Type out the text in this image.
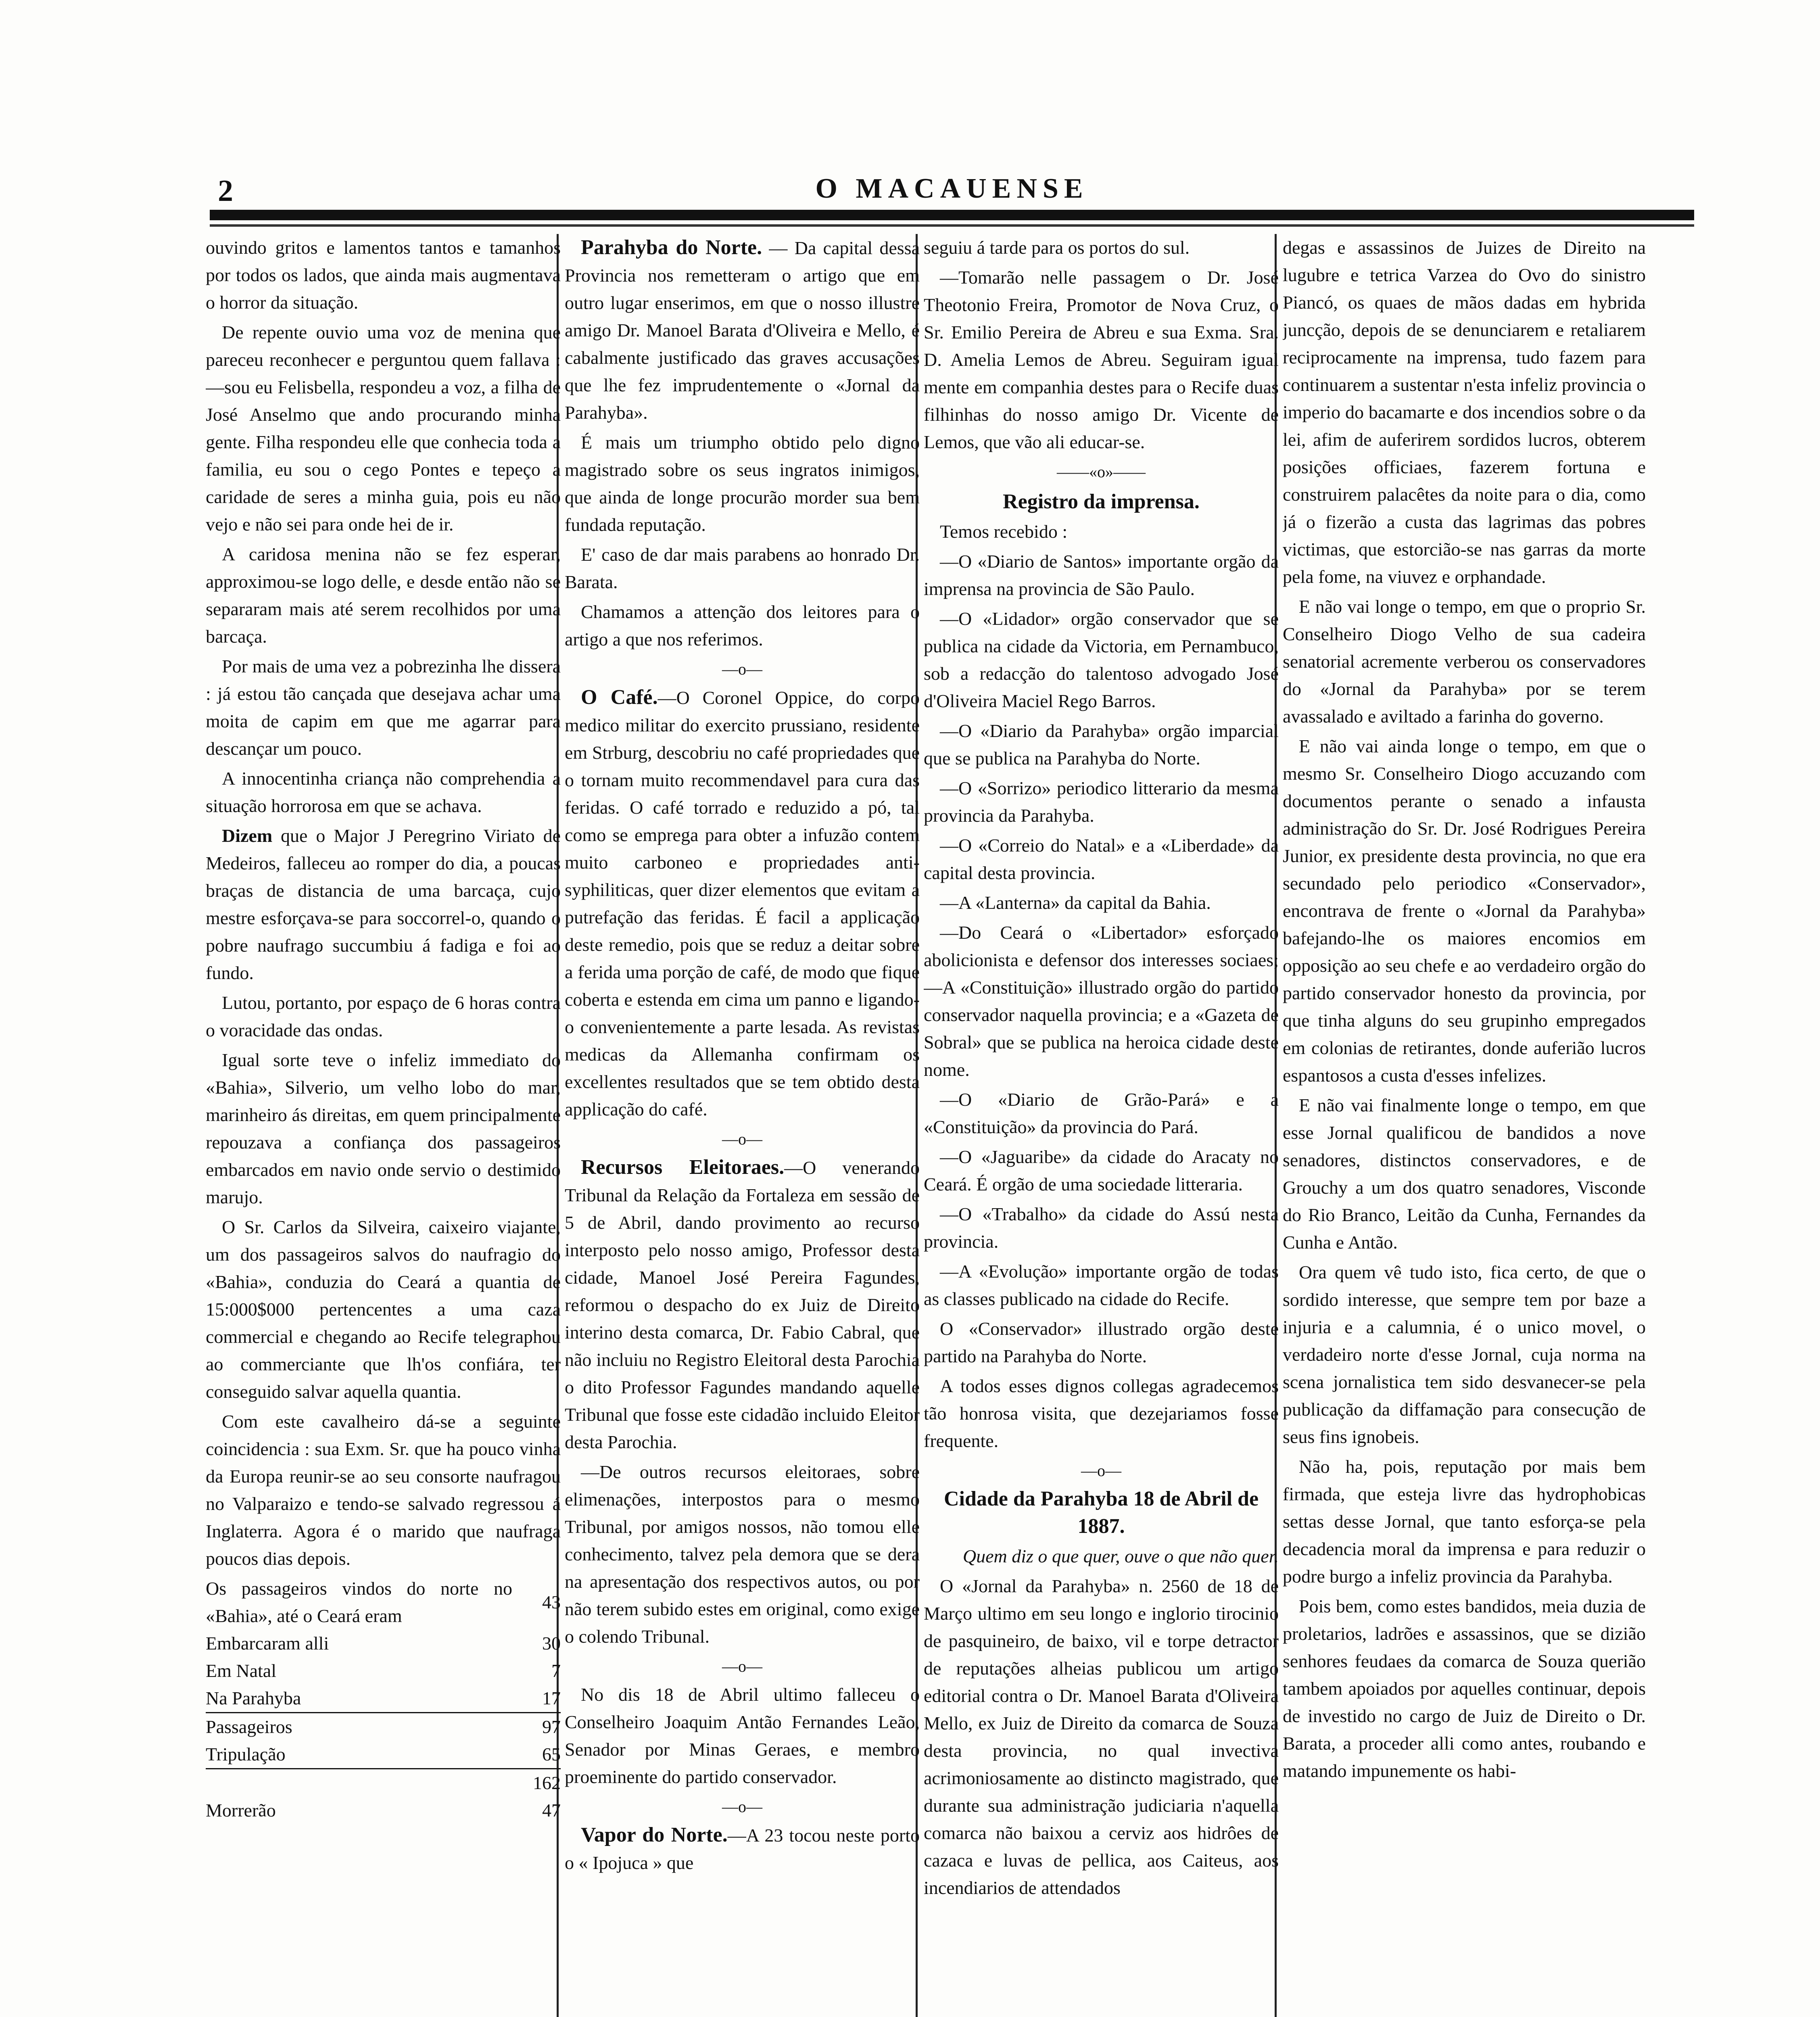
2	O MACAUENSE

ouvindo gritos e lamentos tantos e tamanhos por todos os lados, que ainda mais augmentava o horror da situação.

De repente ouvio uma voz de menina que pareceu reconhecer e perguntou quem fallava :—sou eu Felisbella, respondeu a voz, a filha de José Anselmo que ando procurando minha gente. Filha respondeu elle que conhecia toda a familia, eu sou o cego Pontes e tepeço a caridade de seres a minha guia, pois eu não vejo e não sei para onde hei de ir.

A caridosa menina não se fez esperar, approximou-se logo delle, e desde então não se separaram mais até serem recolhidos por uma barcaça.

Por mais de uma vez a pobrezinha lhe dissera : já estou tão cançada que desejava achar uma moita de capim em que me agarrar para descançar um pouco.

A innocentinha criança não comprehendia a situação horrorosa em que se achava.

Dizem que o Major J Peregrino Viriato de Medeiros, falleceu ao romper do dia, a poucas braças de distancia de uma barcaça, cujo mestre esforçava-se para soccorrel-o, quando o pobre naufrago succumbiu á fadiga e foi ao fundo.

Lutou, portanto, por espaço de 6 horas contra o voracidade das ondas.

Igual sorte teve o infeliz immediato do «Bahia», Silverio, um velho lobo do mar, marinheiro ás direitas, em quem principalmente repouzava a confiança dos passageiros embarcados em navio onde servio o destimido marujo.

O Sr. Carlos da Silveira, caixeiro viajante, um dos passageiros salvos do naufragio do «Bahia», conduzia do Ceará a quantia de 15:000$000 pertencentes a uma caza commercial e chegando ao Recife telegraphou ao commerciante que lh'os confiára, ter conseguido salvar aquella quantia.

Com este cavalheiro dá-se a seguinte coincidencia : sua Exm. Sr. que ha pouco vinha da Europa reunir-se ao seu consorte naufragou no Valparaizo e tendo-se salvado regressou á Inglaterra. Agora é o marido que naufraga poucos dias depois.

Os passageiros vindos do norte no «Bahia», até o Ceará eram	43
Embarcaram alli	30
Em Natal	7
Na Parahyba	17
Passageiros	97
Tripulação	65
	162
Morrerão	47

Parahyba do Norte. — Da capital dessa Provincia nos remetteram o artigo que em outro lugar enserimos, em que o nosso illustre amigo Dr. Manoel Barata d'Oliveira e Mello, é cabalmente justificado das graves accusações que lhe fez imprudentemente o «Jornal da Parahyba».

É mais um triumpho obtido pelo digno magistrado sobre os seus ingratos inimigos, que ainda de longe procurão morder sua bem fundada reputação.

E' caso de dar mais parabens ao honrado Dr. Barata.

Chamamos a attenção dos leitores para o artigo a que nos referimos.

—o—

O Café.—O Coronel Oppice, do corpo medico militar do exercito prussiano, residente em Strburg, descobriu no café propriedades que o tornam muito recommendavel para cura das feridas. O café torrado e reduzido a pó, tal como se emprega para obter a infuzão contem muito carboneo e propriedades anti-syphiliticas, quer dizer elementos que evitam a putrefação das feridas. É facil a applicação deste remedio, pois que se reduz a deitar sobre a ferida uma porção de café, de modo que fique coberta e estenda em cima um panno e ligando-o convenientemente a parte lesada. As revistas medicas da Allemanha confirmam os excellentes resultados que se tem obtido desta applicação do café.

—o—

Recursos Eleitoraes.—O venerando Tribunal da Relação da Fortaleza em sessão de 5 de Abril, dando provimento ao recurso interposto pelo nosso amigo, Professor desta cidade, Manoel José Pereira Fagundes, reformou o despacho do ex Juiz de Direito interino desta comarca, Dr. Fabio Cabral, que não incluiu no Registro Eleitoral desta Parochia o dito Professor Fagundes mandando aquelle Tribunal que fosse este cidadão incluido Eleitor desta Parochia.

—De outros recursos eleitoraes, sobre elimenações, interpostos para o mesmo Tribunal, por amigos nossos, não tomou elle conhecimento, talvez pela demora que se dera na apresentação dos respectivos autos, ou por não terem subido estes em original, como exige o colendo Tribunal.

—o—

No dis 18 de Abril ultimo falleceu o Conselheiro Joaquim Antão Fernandes Leão, Senador por Minas Geraes, e membro proeminente do partido conservador.

—o—

Vapor do Norte.—A 23 tocou neste porto o « Ipojuca » que

seguiu á tarde para os portos do sul.

—Tomarão nelle passagem o Dr. José Theotonio Freira, Promotor de Nova Cruz, o Sr. Emilio Pereira de Abreu e sua Exma. Sra. D. Amelia Lemos de Abreu. Seguiram igual mente em companhia destes para o Recife duas filhinhas do nosso amigo Dr. Vicente de Lemos, que vão ali educar-se.

——«o»——

Registro da imprensa.

Temos recebido :

—O «Diario de Santos» importante orgão da imprensa na provincia de São Paulo.

—O «Lidador» orgão conservador que se publica na cidade da Victoria, em Pernambuco, sob a redacção do talentoso advogado José d'Oliveira Maciel Rego Barros.

—O «Diario da Parahyba» orgão imparcial que se publica na Parahyba do Norte.

—O «Sorrizo» periodico litterario da mesma provincia da Parahyba.

—O «Correio do Natal» e a «Liberdade» da capital desta provincia.

—A «Lanterna» da capital da Bahia.

—Do Ceará o «Libertador» esforçado abolicionista e defensor dos interesses sociaes;—A «Constituição» illustrado orgão do partido conservador naquella provincia; e a «Gazeta de Sobral» que se publica na heroica cidade deste nome.

—O «Diario de Grão-Pará» e a «Constituição» da provincia do Pará.

—O «Jaguaribe» da cidade do Aracaty no Ceará. É orgão de uma sociedade litteraria.

—O «Trabalho» da cidade do Assú nesta provincia.

—A «Evolução» importante orgão de todas as classes publicado na cidade do Recife.

O «Conservador» illustrado orgão deste partido na Parahyba do Norte.

A todos esses dignos collegas agradecemos tão honrosa visita, que dezejariamos fosse frequente.

—o—

Cidade da Parahyba 18 de Abril de 1887.

Quem diz o que quer, ouve o que não quer.

O «Jornal da Parahyba» n. 2560 de 18 de Março ultimo em seu longo e inglorio tirocinio de pasquineiro, de baixo, vil e torpe detractor de reputações alheias publicou um artigo editorial contra o Dr. Manoel Barata d'Oliveira Mello, ex Juiz de Direito da comarca de Souza desta provincia, no qual invectiva acrimoniosamente ao distincto magistrado, que durante sua administração judiciaria n'aquella comarca não baixou a cerviz aos hidrôes de cazaca e luvas de pellica, aos Caiteus, aos incendiarios de attendados

degas e assassinos de Juizes de Direito na lugubre e tetrica Varzea do Ovo do sinistro Piancó, os quaes de mãos dadas em hybrida juncção, depois de se denunciarem e retaliarem reciprocamente na imprensa, tudo fazem para continuarem a sustentar n'esta infeliz provincia o imperio do bacamarte e dos incendios sobre o da lei, afim de auferirem sordidos lucros, obterem posições officiaes, fazerem fortuna e construirem palacêtes da noite para o dia, como já o fizerão a custa das lagrimas das pobres victimas, que estorcião-se nas garras da morte pela fome, na viuvez e orphandade.

E não vai longe o tempo, em que o proprio Sr. Conselheiro Diogo Velho de sua cadeira senatorial acremente verberou os conservadores do «Jornal da Parahyba» por se terem avassalado e aviltado a farinha do governo.

E não vai ainda longe o tempo, em que o mesmo Sr. Conselheiro Diogo accuzando com documentos perante o senado a infausta administração do Sr. Dr. José Rodrigues Pereira Junior, ex presidente desta provincia, no que era secundado pelo periodico «Conservador», encontrava de frente o «Jornal da Parahyba» bafejando-lhe os maiores encomios em opposição ao seu chefe e ao verdadeiro orgão do partido conservador honesto da provincia, por que tinha alguns do seu grupinho empregados em colonias de retirantes, donde auferião lucros espantosos a custa d'esses infelizes.

E não vai finalmente longe o tempo, em que esse Jornal qualificou de bandidos a nove senadores, distinctos conservadores, e de Grouchy a um dos quatro senadores, Visconde do Rio Branco, Leitão da Cunha, Fernandes da Cunha e Antão.

Ora quem vê tudo isto, fica certo, de que o sordido interesse, que sempre tem por baze a injuria e a calumnia, é o unico movel, o verdadeiro norte d'esse Jornal, cuja norma na scena jornalistica tem sido desvanecer-se pela publicação da diffamação para consecução de seus fins ignobeis.

Não ha, pois, reputação por mais bem firmada, que esteja livre das hydrophobicas settas desse Jornal, que tanto esforça-se pela decadencia moral da imprensa e para reduzir o podre burgo a infeliz provincia da Parahyba.

Pois bem, como estes bandidos, meia duzia de proletarios, ladrões e assassinos, que se dizião senhores feudaes da comarca de Souza querião tambem apoiados por aquelles continuar, depois de investido no cargo de Juiz de Direito o Dr. Barata, a proceder alli como antes, roubando e matando impunemente os habi-
